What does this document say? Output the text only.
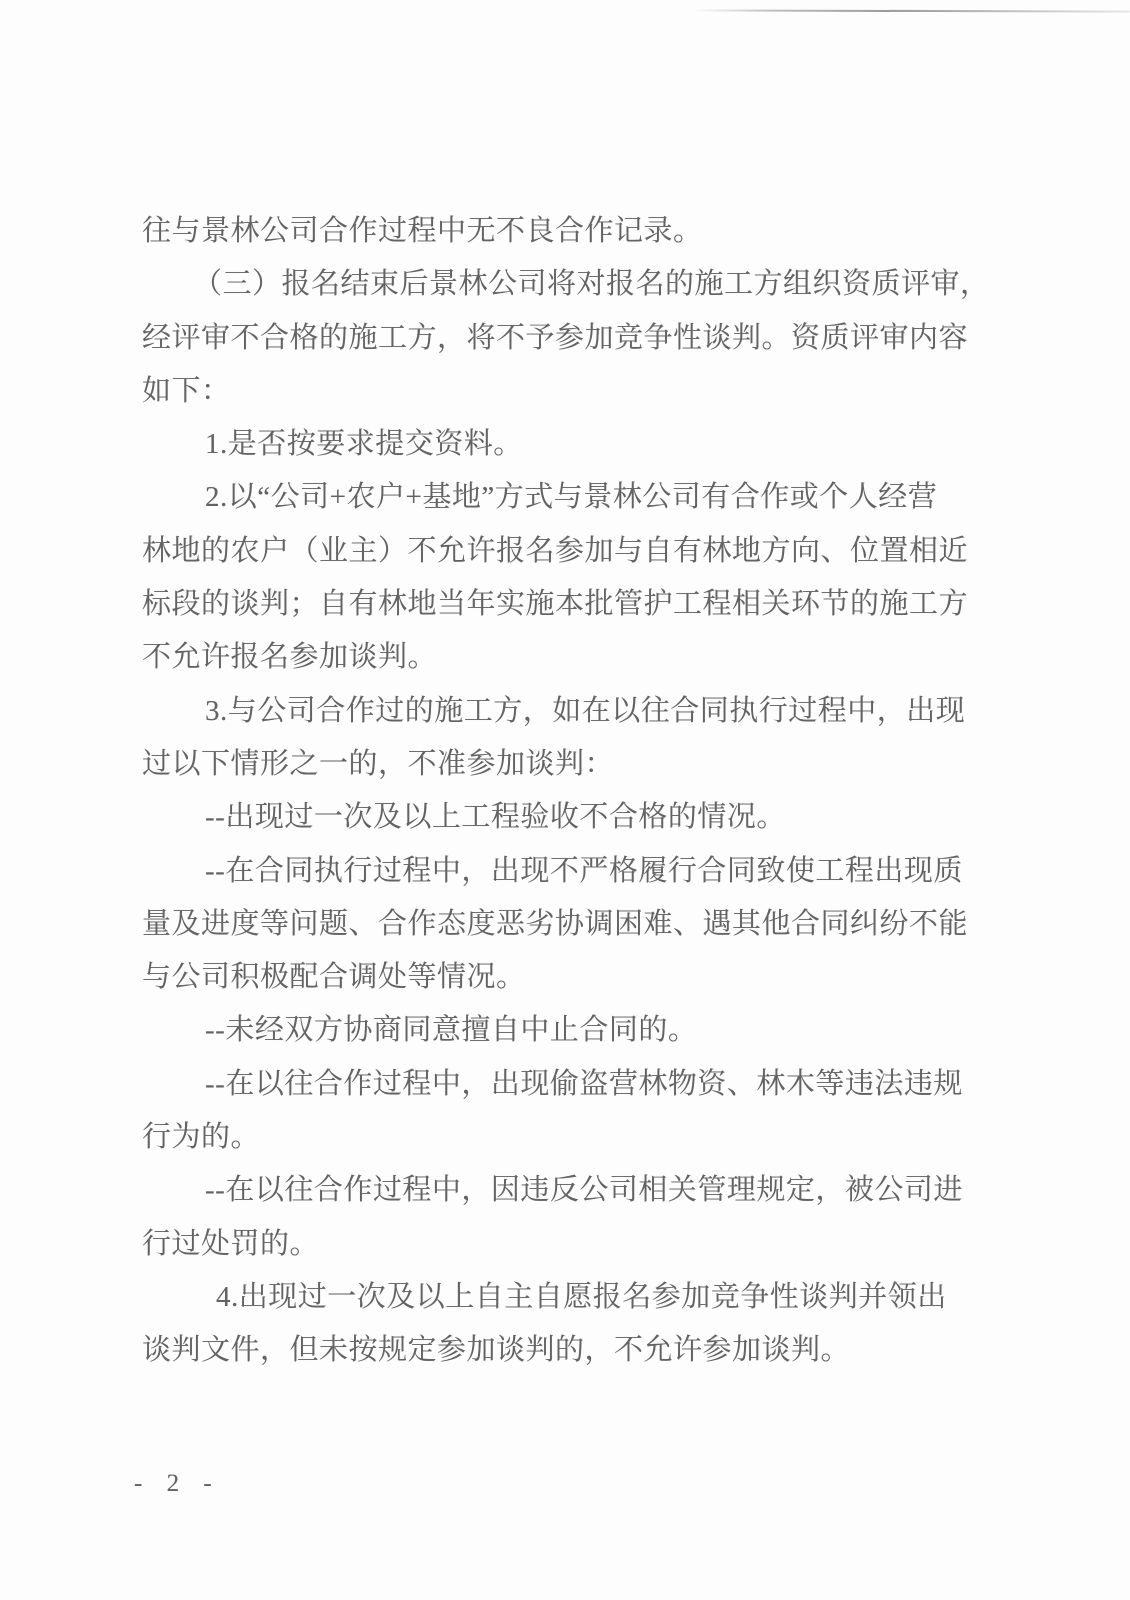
往与景林公司合作过程中无不良合作记录。

（三）报名结束后景林公司将对报名的施工方组织资质评审，

经评审不合格的施工方，将不予参加竞争性谈判。资质评审内容

如下：

1.是否按要求提交资料。

2.以“公司+农户+基地”方式与景林公司有合作或个人经营

林地的农户（业主）不允许报名参加与自有林地方向、位置相近

标段的谈判；自有林地当年实施本批管护工程相关环节的施工方

不允许报名参加谈判。

3.与公司合作过的施工方，如在以往合同执行过程中，出现

过以下情形之一的，不准参加谈判：

--出现过一次及以上工程验收不合格的情况。

--在合同执行过程中，出现不严格履行合同致使工程出现质

量及进度等问题、合作态度恶劣协调困难、遇其他合同纠纷不能

与公司积极配合调处等情况。

--未经双方协商同意擅自中止合同的。

--在以往合作过程中，出现偷盗营林物资、林木等违法违规

行为的。

--在以往合作过程中，因违反公司相关管理规定，被公司进

行过处罚的。

4.出现过一次及以上自主自愿报名参加竞争性谈判并领出

谈判文件，但未按规定参加谈判的，不允许参加谈判。

- 2 -
